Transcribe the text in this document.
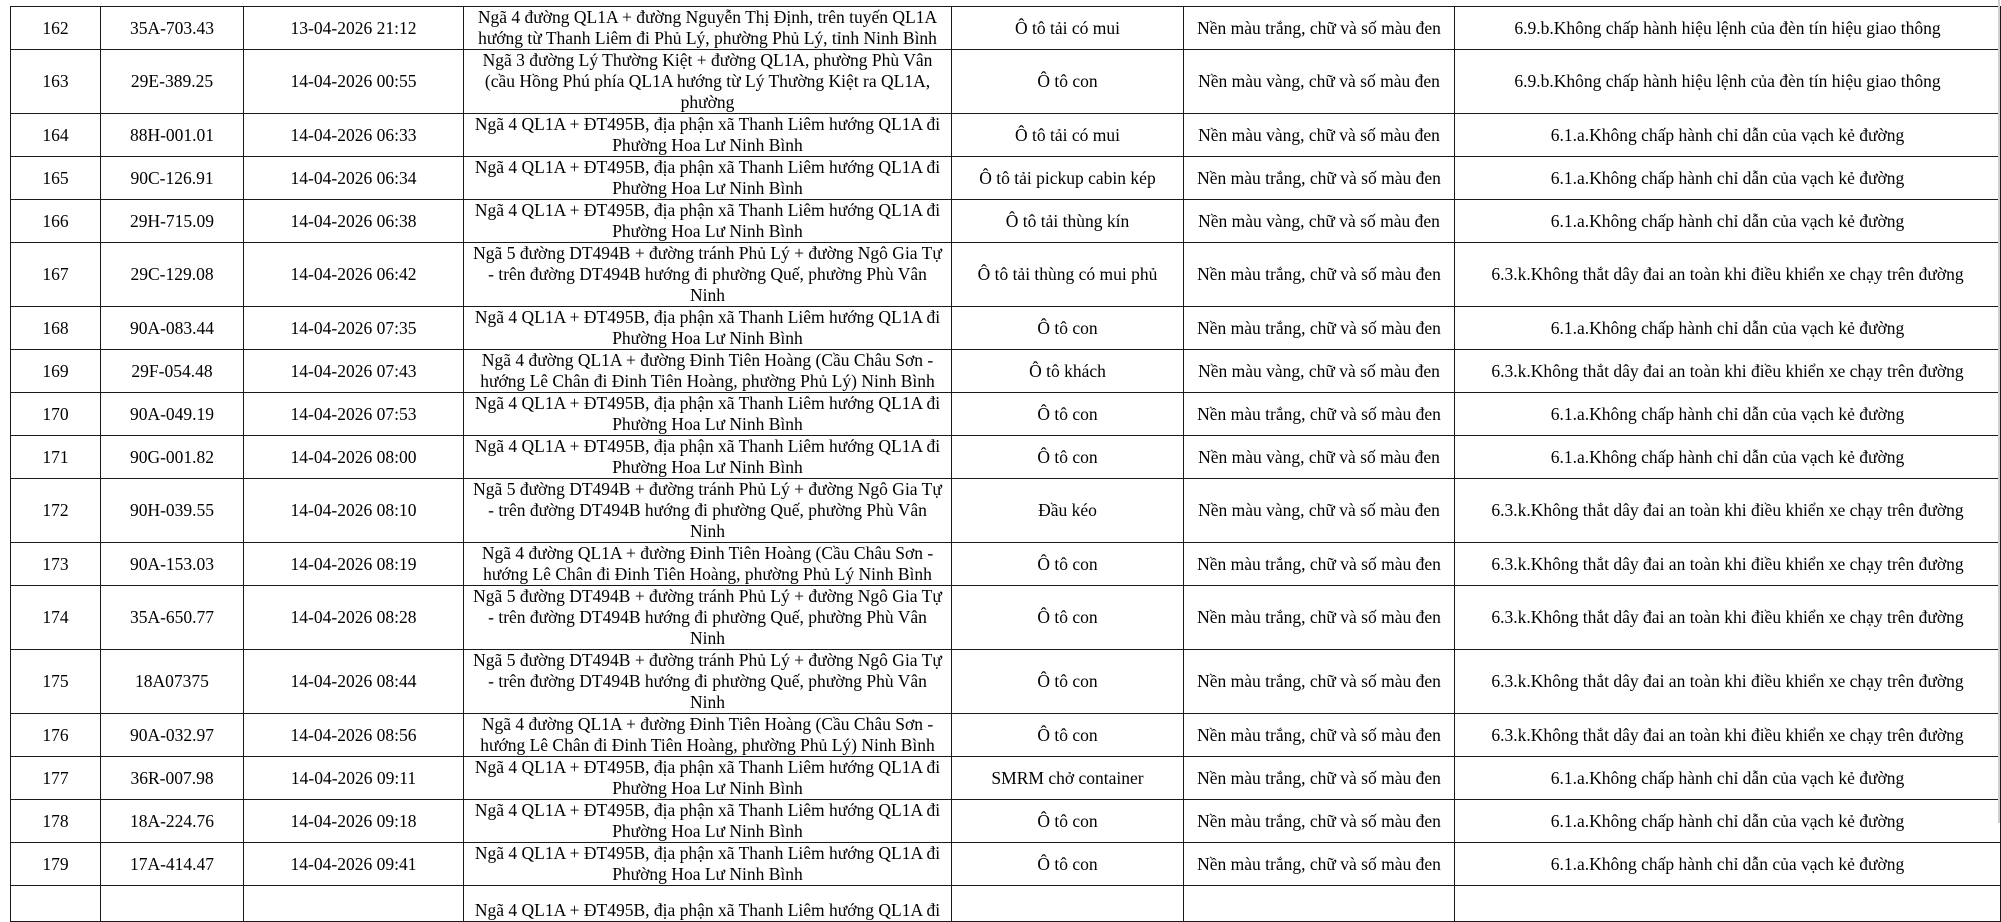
162	35A-703.43	13-04-2026 21:12	Ngã 4 đường QL1A + đường Nguyễn Thị Định, trên tuyến QL1A hướng từ Thanh Liêm đi Phủ Lý, phường Phủ Lý, tỉnh Ninh Bình	Ô tô tải có mui	Nền màu trắng, chữ và số màu đen	6.9.b.Không chấp hành hiệu lệnh của đèn tín hiệu giao thông
163	29E-389.25	14-04-2026 00:55	Ngã 3 đường Lý Thường Kiệt + đường QL1A, phường Phù Vân (cầu Hồng Phú phía QL1A hướng từ Lý Thường Kiệt ra QL1A, phường	Ô tô con	Nền màu vàng, chữ và số màu đen	6.9.b.Không chấp hành hiệu lệnh của đèn tín hiệu giao thông
164	88H-001.01	14-04-2026 06:33	Ngã 4 QL1A + ĐT495B, địa phận xã Thanh Liêm hướng QL1A đi Phường Hoa Lư Ninh Bình	Ô tô tải có mui	Nền màu vàng, chữ và số màu đen	6.1.a.Không chấp hành chỉ dẫn của vạch kẻ đường
165	90C-126.91	14-04-2026 06:34	Ngã 4 QL1A + ĐT495B, địa phận xã Thanh Liêm hướng QL1A đi Phường Hoa Lư Ninh Bình	Ô tô tải pickup cabin kép	Nền màu trắng, chữ và số màu đen	6.1.a.Không chấp hành chỉ dẫn của vạch kẻ đường
166	29H-715.09	14-04-2026 06:38	Ngã 4 QL1A + ĐT495B, địa phận xã Thanh Liêm hướng QL1A đi Phường Hoa Lư Ninh Bình	Ô tô tải thùng kín	Nền màu vàng, chữ và số màu đen	6.1.a.Không chấp hành chỉ dẫn của vạch kẻ đường
167	29C-129.08	14-04-2026 06:42	Ngã 5 đường DT494B + đường tránh Phủ Lý + đường Ngô Gia Tự - trên đường DT494B hướng đi phường Quế, phường Phù Vân Ninh	Ô tô tải thùng có mui phủ	Nền màu trắng, chữ và số màu đen	6.3.k.Không thắt dây đai an toàn khi điều khiển xe chạy trên đường
168	90A-083.44	14-04-2026 07:35	Ngã 4 QL1A + ĐT495B, địa phận xã Thanh Liêm hướng QL1A đi Phường Hoa Lư Ninh Bình	Ô tô con	Nền màu trắng, chữ và số màu đen	6.1.a.Không chấp hành chỉ dẫn của vạch kẻ đường
169	29F-054.48	14-04-2026 07:43	Ngã 4 đường QL1A + đường Đinh Tiên Hoàng (Cầu Châu Sơn - hướng Lê Chân đi Đinh Tiên Hoàng, phường Phủ Lý) Ninh Bình	Ô tô khách	Nền màu vàng, chữ và số màu đen	6.3.k.Không thắt dây đai an toàn khi điều khiển xe chạy trên đường
170	90A-049.19	14-04-2026 07:53	Ngã 4 QL1A + ĐT495B, địa phận xã Thanh Liêm hướng QL1A đi Phường Hoa Lư Ninh Bình	Ô tô con	Nền màu trắng, chữ và số màu đen	6.1.a.Không chấp hành chỉ dẫn của vạch kẻ đường
171	90G-001.82	14-04-2026 08:00	Ngã 4 QL1A + ĐT495B, địa phận xã Thanh Liêm hướng QL1A đi Phường Hoa Lư Ninh Bình	Ô tô con	Nền màu vàng, chữ và số màu đen	6.1.a.Không chấp hành chỉ dẫn của vạch kẻ đường
172	90H-039.55	14-04-2026 08:10	Ngã 5 đường DT494B + đường tránh Phủ Lý + đường Ngô Gia Tự - trên đường DT494B hướng đi phường Quế, phường Phù Vân Ninh	Đầu kéo	Nền màu vàng, chữ và số màu đen	6.3.k.Không thắt dây đai an toàn khi điều khiển xe chạy trên đường
173	90A-153.03	14-04-2026 08:19	Ngã 4 đường QL1A + đường Đinh Tiên Hoàng (Cầu Châu Sơn - hướng Lê Chân đi Đinh Tiên Hoàng, phường Phủ Lý Ninh Bình	Ô tô con	Nền màu trắng, chữ và số màu đen	6.3.k.Không thắt dây đai an toàn khi điều khiển xe chạy trên đường
174	35A-650.77	14-04-2026 08:28	Ngã 5 đường DT494B + đường tránh Phủ Lý + đường Ngô Gia Tự - trên đường DT494B hướng đi phường Quế, phường Phù Vân Ninh	Ô tô con	Nền màu trắng, chữ và số màu đen	6.3.k.Không thắt dây đai an toàn khi điều khiển xe chạy trên đường
175	18A07375	14-04-2026 08:44	Ngã 5 đường DT494B + đường tránh Phủ Lý + đường Ngô Gia Tự - trên đường DT494B hướng đi phường Quế, phường Phù Vân Ninh	Ô tô con	Nền màu trắng, chữ và số màu đen	6.3.k.Không thắt dây đai an toàn khi điều khiển xe chạy trên đường
176	90A-032.97	14-04-2026 08:56	Ngã 4 đường QL1A + đường Đinh Tiên Hoàng (Cầu Châu Sơn - hướng Lê Chân đi Đinh Tiên Hoàng, phường Phủ Lý) Ninh Bình	Ô tô con	Nền màu trắng, chữ và số màu đen	6.3.k.Không thắt dây đai an toàn khi điều khiển xe chạy trên đường
177	36R-007.98	14-04-2026 09:11	Ngã 4 QL1A + ĐT495B, địa phận xã Thanh Liêm hướng QL1A đi Phường Hoa Lư Ninh Bình	SMRM chở container	Nền màu trắng, chữ và số màu đen	6.1.a.Không chấp hành chỉ dẫn của vạch kẻ đường
178	18A-224.76	14-04-2026 09:18	Ngã 4 QL1A + ĐT495B, địa phận xã Thanh Liêm hướng QL1A đi Phường Hoa Lư Ninh Bình	Ô tô con	Nền màu trắng, chữ và số màu đen	6.1.a.Không chấp hành chỉ dẫn của vạch kẻ đường
179	17A-414.47	14-04-2026 09:41	Ngã 4 QL1A + ĐT495B, địa phận xã Thanh Liêm hướng QL1A đi Phường Hoa Lư Ninh Bình	Ô tô con	Nền màu trắng, chữ và số màu đen	6.1.a.Không chấp hành chỉ dẫn của vạch kẻ đường

			Ngã 4 QL1A + ĐT495B, địa phận xã Thanh Liêm hướng QL1A đi			
